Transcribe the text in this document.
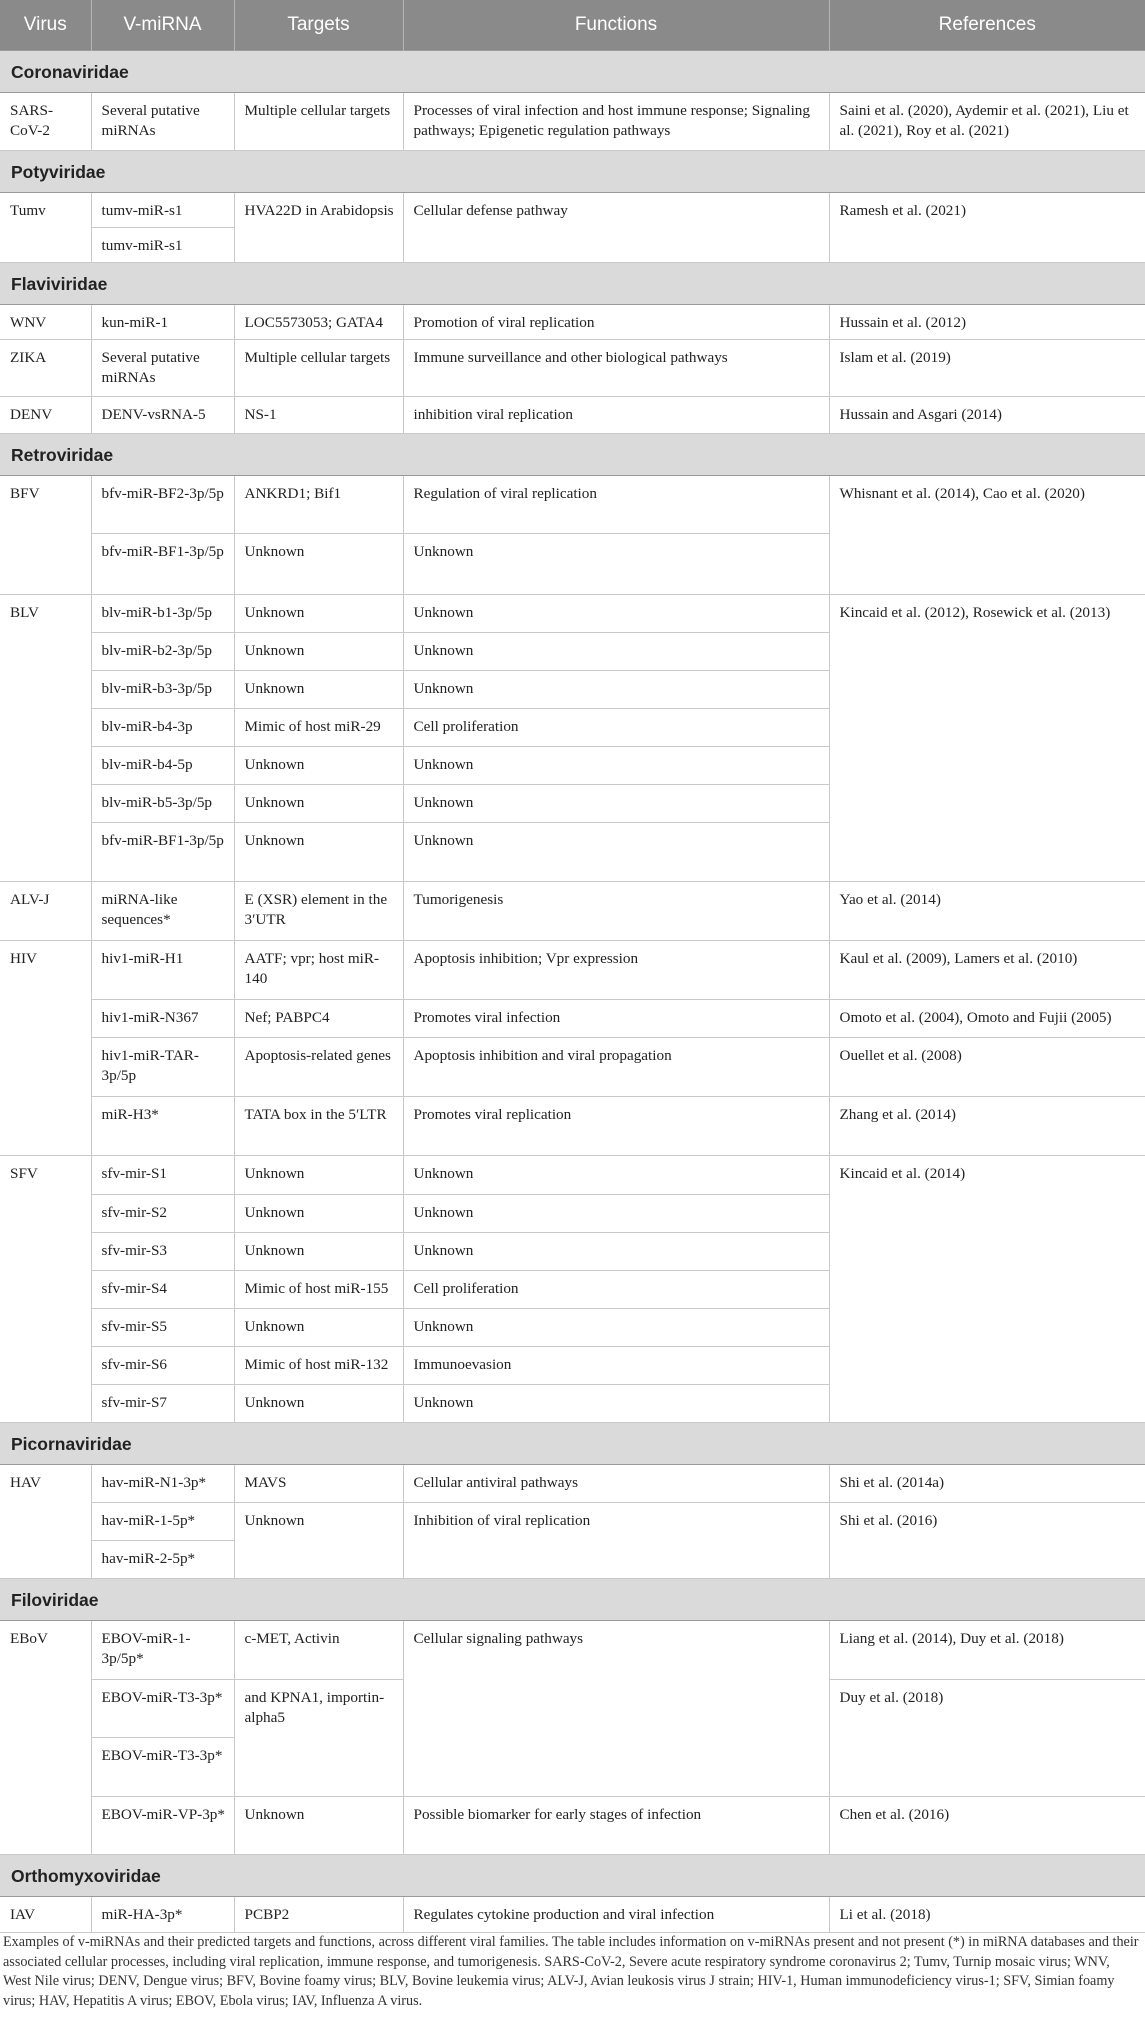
Virus	V-miRNA	Targets	Functions	References
Coronaviridae				
SARS-CoV-2	Several putative miRNAs	Multiple cellular targets	Processes of viral infection and host immune response; Signaling pathways; Epigenetic regulation pathways	Saini et al. (2020), Aydemir et al. (2021), Liu et al. (2021), Roy et al. (2021)
Potyviridae				
Tumv	tumv-miR-s1	HVA22D in Arabidopsis	Cellular defense pathway	Ramesh et al. (2021)
	tumv-miR-s1			
Flaviviridae				
WNV	kun-miR-1	LOC5573053; GATA4	Promotion of viral replication	Hussain et al. (2012)
ZIKA	Several putative miRNAs	Multiple cellular targets	Immune surveillance and other biological pathways	Islam et al. (2019)
DENV	DENV-vsRNA-5	NS-1	inhibition viral replication	Hussain and Asgari (2014)
Retroviridae				
BFV	bfv-miR-BF2-3p/5p	ANKRD1; Bif1	Regulation of viral replication	Whisnant et al. (2014), Cao et al. (2020)
	bfv-miR-BF1-3p/5p	Unknown	Unknown	
BLV	blv-miR-b1-3p/5p	Unknown	Unknown	Kincaid et al. (2012), Rosewick et al. (2013)
	blv-miR-b2-3p/5p	Unknown	Unknown	
	blv-miR-b3-3p/5p	Unknown	Unknown	
	blv-miR-b4-3p	Mimic of host miR-29	Cell proliferation	
	blv-miR-b4-5p	Unknown	Unknown	
	blv-miR-b5-3p/5p	Unknown	Unknown	
	bfv-miR-BF1-3p/5p	Unknown	Unknown	
ALV-J	miRNA-like sequences*	E (XSR) element in the 3′UTR	Tumorigenesis	Yao et al. (2014)
HIV	hiv1-miR-H1	AATF; vpr; host miR-140	Apoptosis inhibition; Vpr expression	Kaul et al. (2009), Lamers et al. (2010)
	hiv1-miR-N367	Nef; PABPC4	Promotes viral infection	Omoto et al. (2004), Omoto and Fujii (2005)
	hiv1-miR-TAR-3p/5p	Apoptosis-related genes	Apoptosis inhibition and viral propagation	Ouellet et al. (2008)
	miR-H3*	TATA box in the 5′LTR	Promotes viral replication	Zhang et al. (2014)
SFV	sfv-mir-S1	Unknown	Unknown	Kincaid et al. (2014)
	sfv-mir-S2	Unknown	Unknown	
	sfv-mir-S3	Unknown	Unknown	
	sfv-mir-S4	Mimic of host miR-155	Cell proliferation	
	sfv-mir-S5	Unknown	Unknown	
	sfv-mir-S6	Mimic of host miR-132	Immunoevasion	
	sfv-mir-S7	Unknown	Unknown	
Picornaviridae				
HAV	hav-miR-N1-3p*	MAVS	Cellular antiviral pathways	Shi et al. (2014a)
	hav-miR-1-5p*	Unknown	Inhibition of viral replication	Shi et al. (2016)
	hav-miR-2-5p*			
Filoviridae				
EBoV	EBOV-miR-1-3p/5p*	c-MET, Activin	Cellular signaling pathways	Liang et al. (2014), Duy et al. (2018)
	EBOV-miR-T3-3p*	and KPNA1, importin-alpha5		Duy et al. (2018)
	EBOV-miR-T3-3p*			
	EBOV-miR-VP-3p*	Unknown	Possible biomarker for early stages of infection	Chen et al. (2016)
Orthomyxoviridae				
IAV	miR-HA-3p*	PCBP2	Regulates cytokine production and viral infection	Li et al. (2018)
Examples of v-miRNAs and their predicted targets and functions, across different viral families. The table includes information on v-miRNAs present and not present (*) in miRNA databases and their associated cellular processes, including viral replication, immune response, and tumorigenesis. SARS-CoV-2, Severe acute respiratory syndrome coronavirus 2; Tumv, Turnip mosaic virus; WNV, West Nile virus; DENV, Dengue virus; BFV, Bovine foamy virus; BLV, Bovine leukemia virus; ALV-J, Avian leukosis virus J strain; HIV-1, Human immunodeficiency virus-1; SFV, Simian foamy virus; HAV, Hepatitis A virus; EBOV, Ebola virus; IAV, Influenza A virus.
